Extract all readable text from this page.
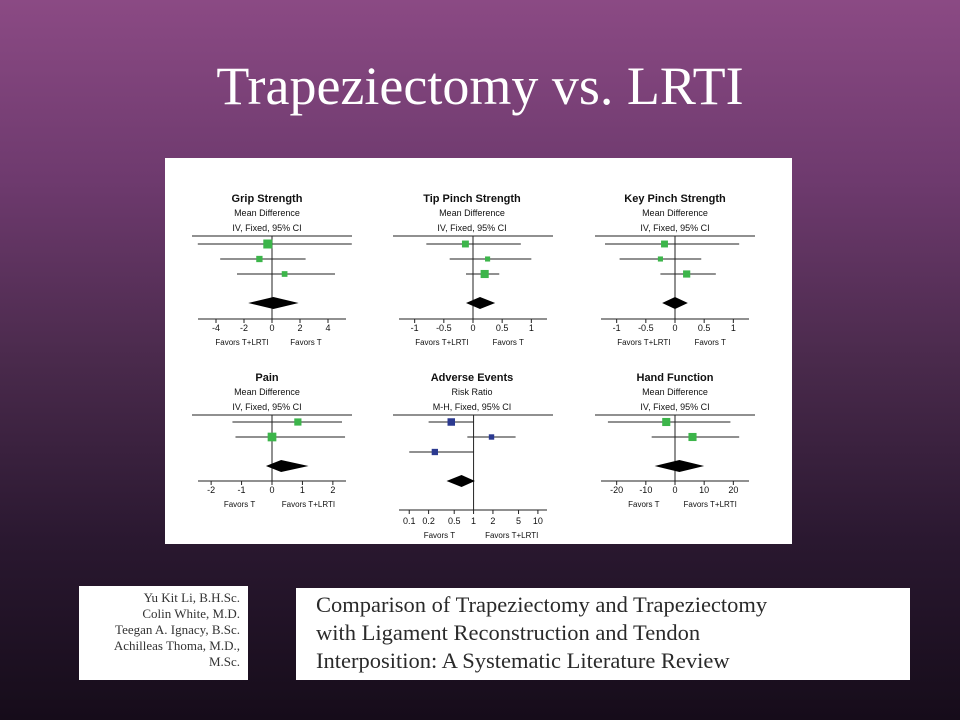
Trapeziectomy vs. LRTI
Grip Strength
Mean Difference
IV, Fixed, 95% CI
-4 -2 0	2	4
Favors T+LRTI	Favors T
Tip Pinch Strength
Mean Difference
IV, Fixed, 95% CI
-1 -0.5 0 0.5 1
Favors T+LRTI	Favors T
Key Pinch Strength
Mean Difference
IV, Fixed, 95% CI
-1 -0.5 0 0.5 1
Favors T+LRTI	Favors T
Pain
Mean Difference
IV, Fixed, 95% CI
-2 -1	0	1	2
Favors T	Favors T+LRTI
Adverse Events
Risk Ratio
M-H, Fixed, 95% CI
0.1 0.2 0.5 1 2 5 10
Favors T	Favors T+LRTI
Hand Function
Mean Difference
IV, Fixed, 95% CI
-20 -10 0 10 20
Favors T	Favors T+LRTI
Yu Kit Li, B.H.Sc.
Colin White, M.D.
Teegan A. Ignacy, B.Sc.
Achilleas Thoma, M.D.,
M.Sc.
Comparison of Trapeziectomy and Trapeziectomy
with Ligament Reconstruction and Tendon
Interposition: A Systematic Literature Review
